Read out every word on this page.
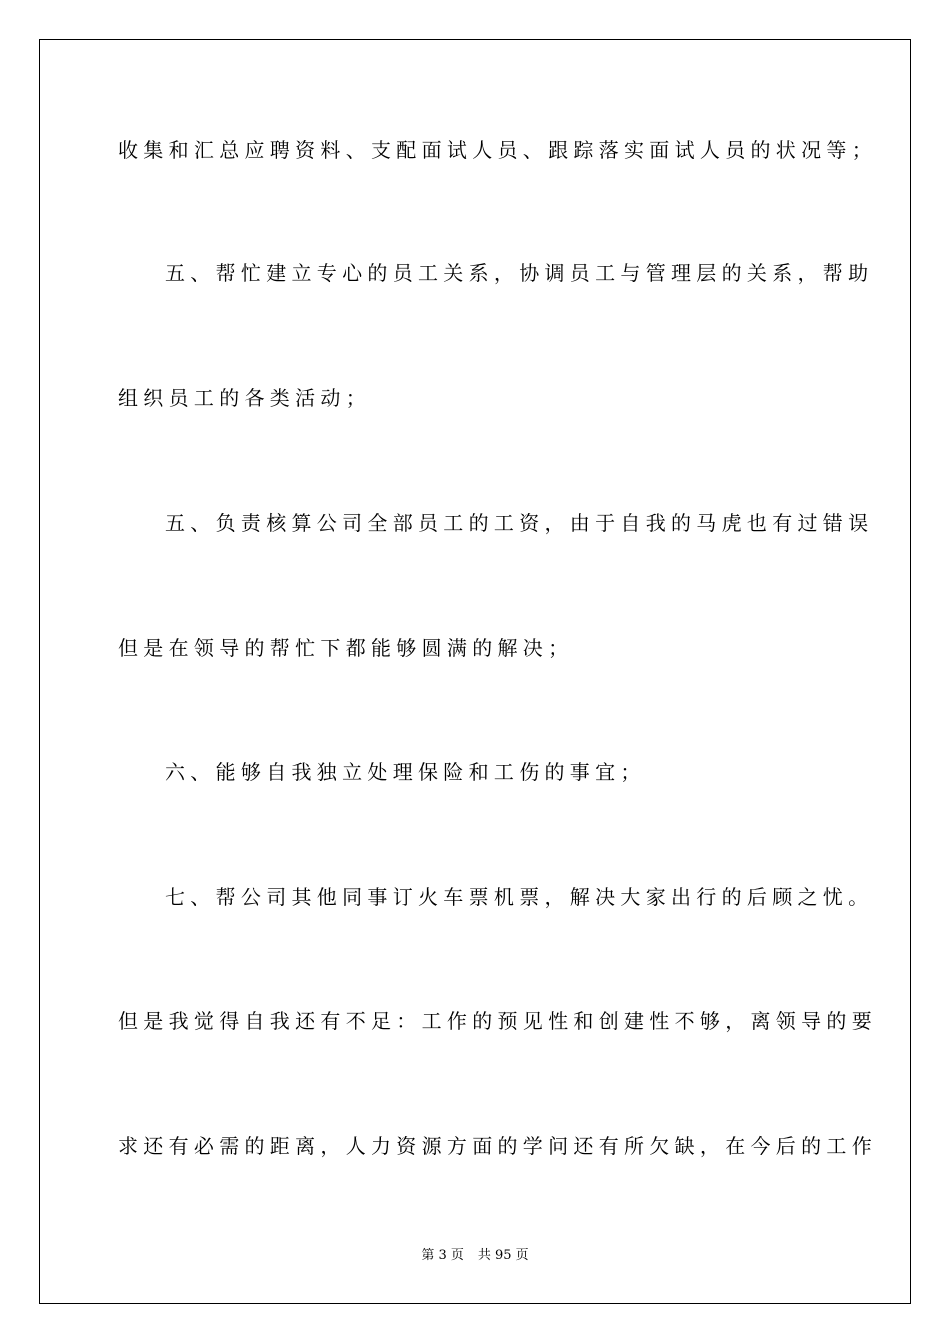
收集和汇总应聘资料、支配面试人员、跟踪落实面试人员的状况等；
五、帮忙建立专心的员工关系，协调员工与管理层的关系，帮助
组织员工的各类活动；
五、负责核算公司全部员工的工资，由于自我的马虎也有过错误
但是在领导的帮忙下都能够圆满的解决；
六、能够自我独立处理保险和工伤的事宜；
七、帮公司其他同事订火车票机票，解决大家出行的后顾之忧。
但是我觉得自我还有不足：工作的预见性和创建性不够，离领导的要
求还有必需的距离，人力资源方面的学问还有所欠缺，在今后的工作
第 3 页 共 95 页
